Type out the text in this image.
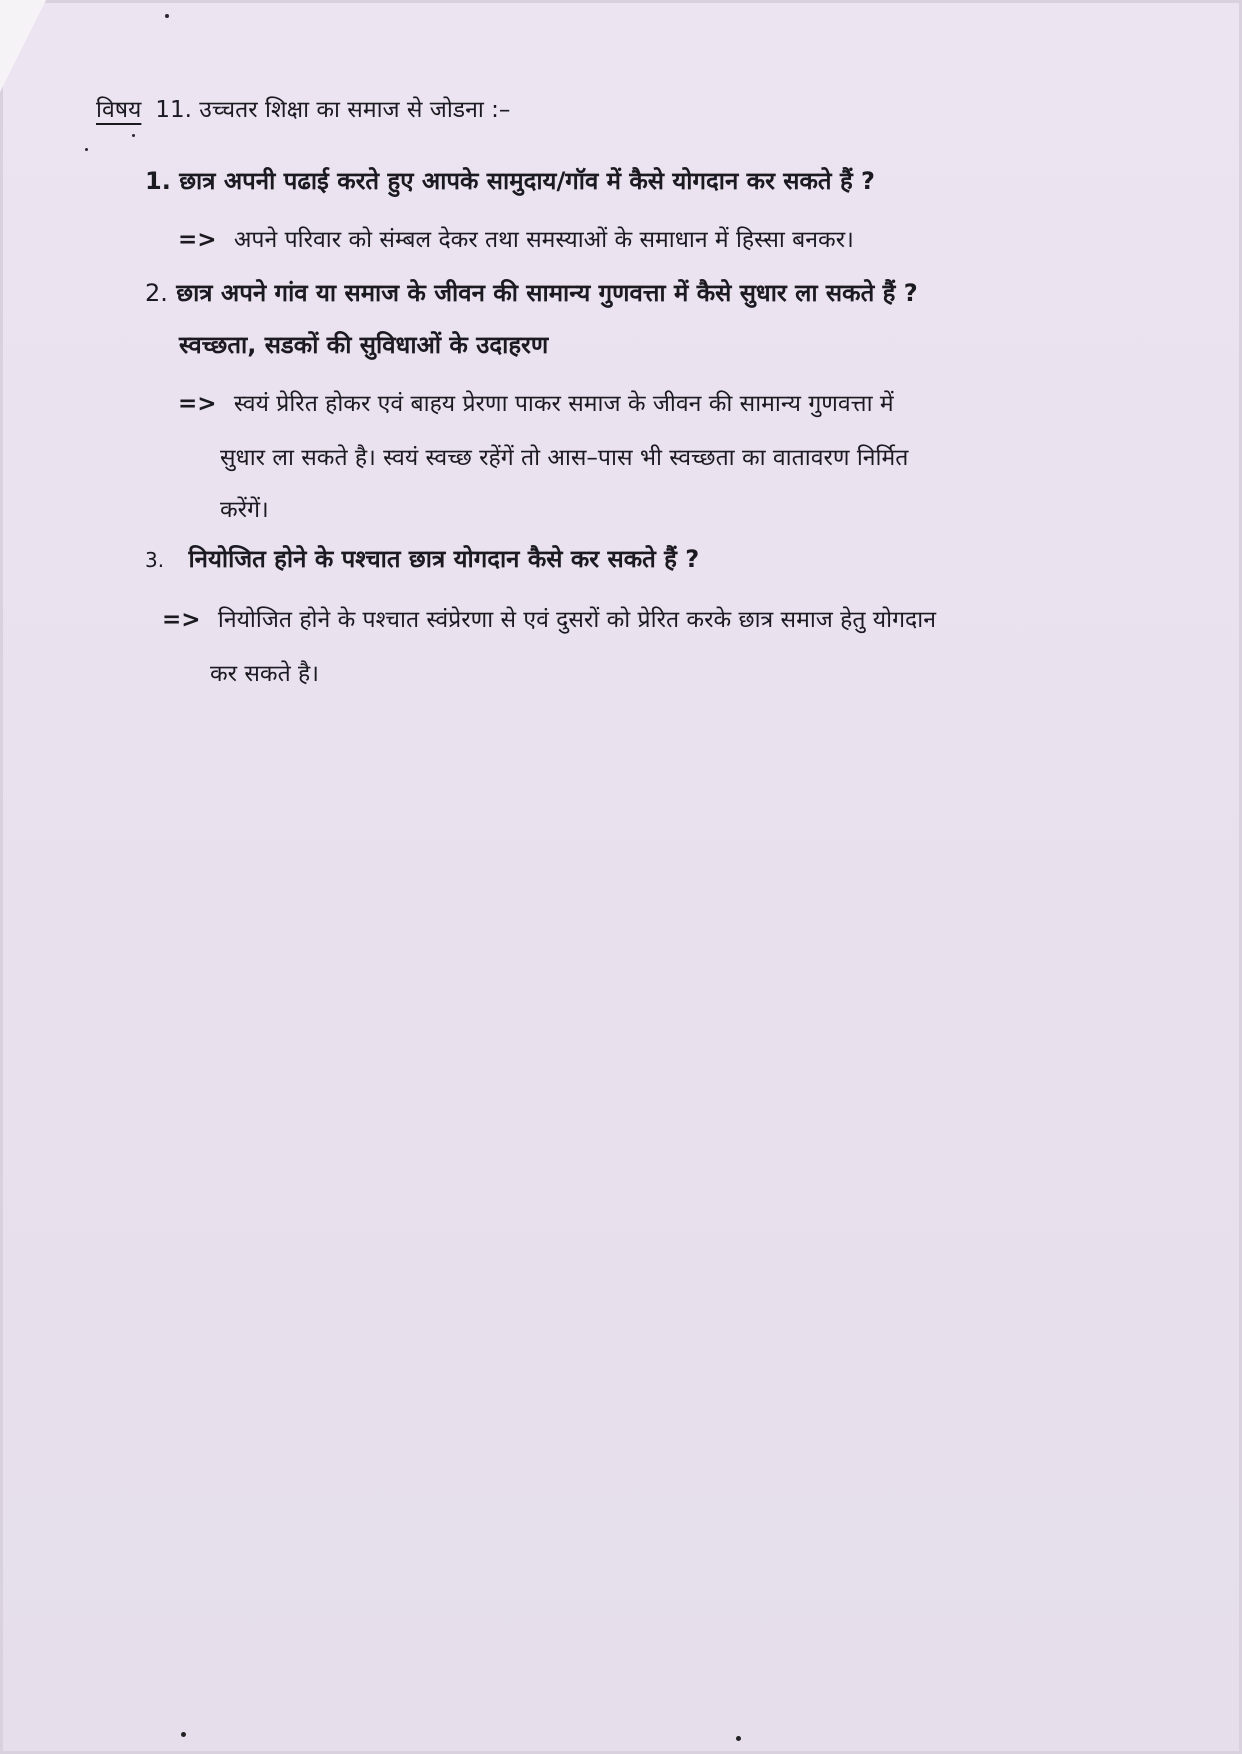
विषय 11. उच्चतर शिक्षा का समाज से जोडना :–
1. छात्र अपनी पढाई करते हुए आपके सामुदाय/गॉव में कैसे योगदान कर सकते हैं ?
=> अपने परिवार को संम्बल देकर तथा समस्याओं के समाधान में हिस्सा बनकर।
2. छात्र अपने गांव या समाज के जीवन की सामान्य गुणवत्ता में कैसे सुधार ला सकते हैं ?
स्वच्छता, सडकों की सुविधाओं के उदाहरण
=> स्वयं प्रेरित होकर एवं बाहय प्रेरणा पाकर समाज के जीवन की सामान्य गुणवत्ता में
सुधार ला सकते है। स्वयं स्वच्छ रहेंगें तो आस–पास भी स्वच्छता का वातावरण निर्मित
करेंगें।
3. नियोजित होने के पश्चात छात्र योगदान कैसे कर सकते हैं ?
=> नियोजित होने के पश्चात स्वंप्रेरणा से एवं दुसरों को प्रेरित करके छात्र समाज हेतु योगदान
कर सकते है।
